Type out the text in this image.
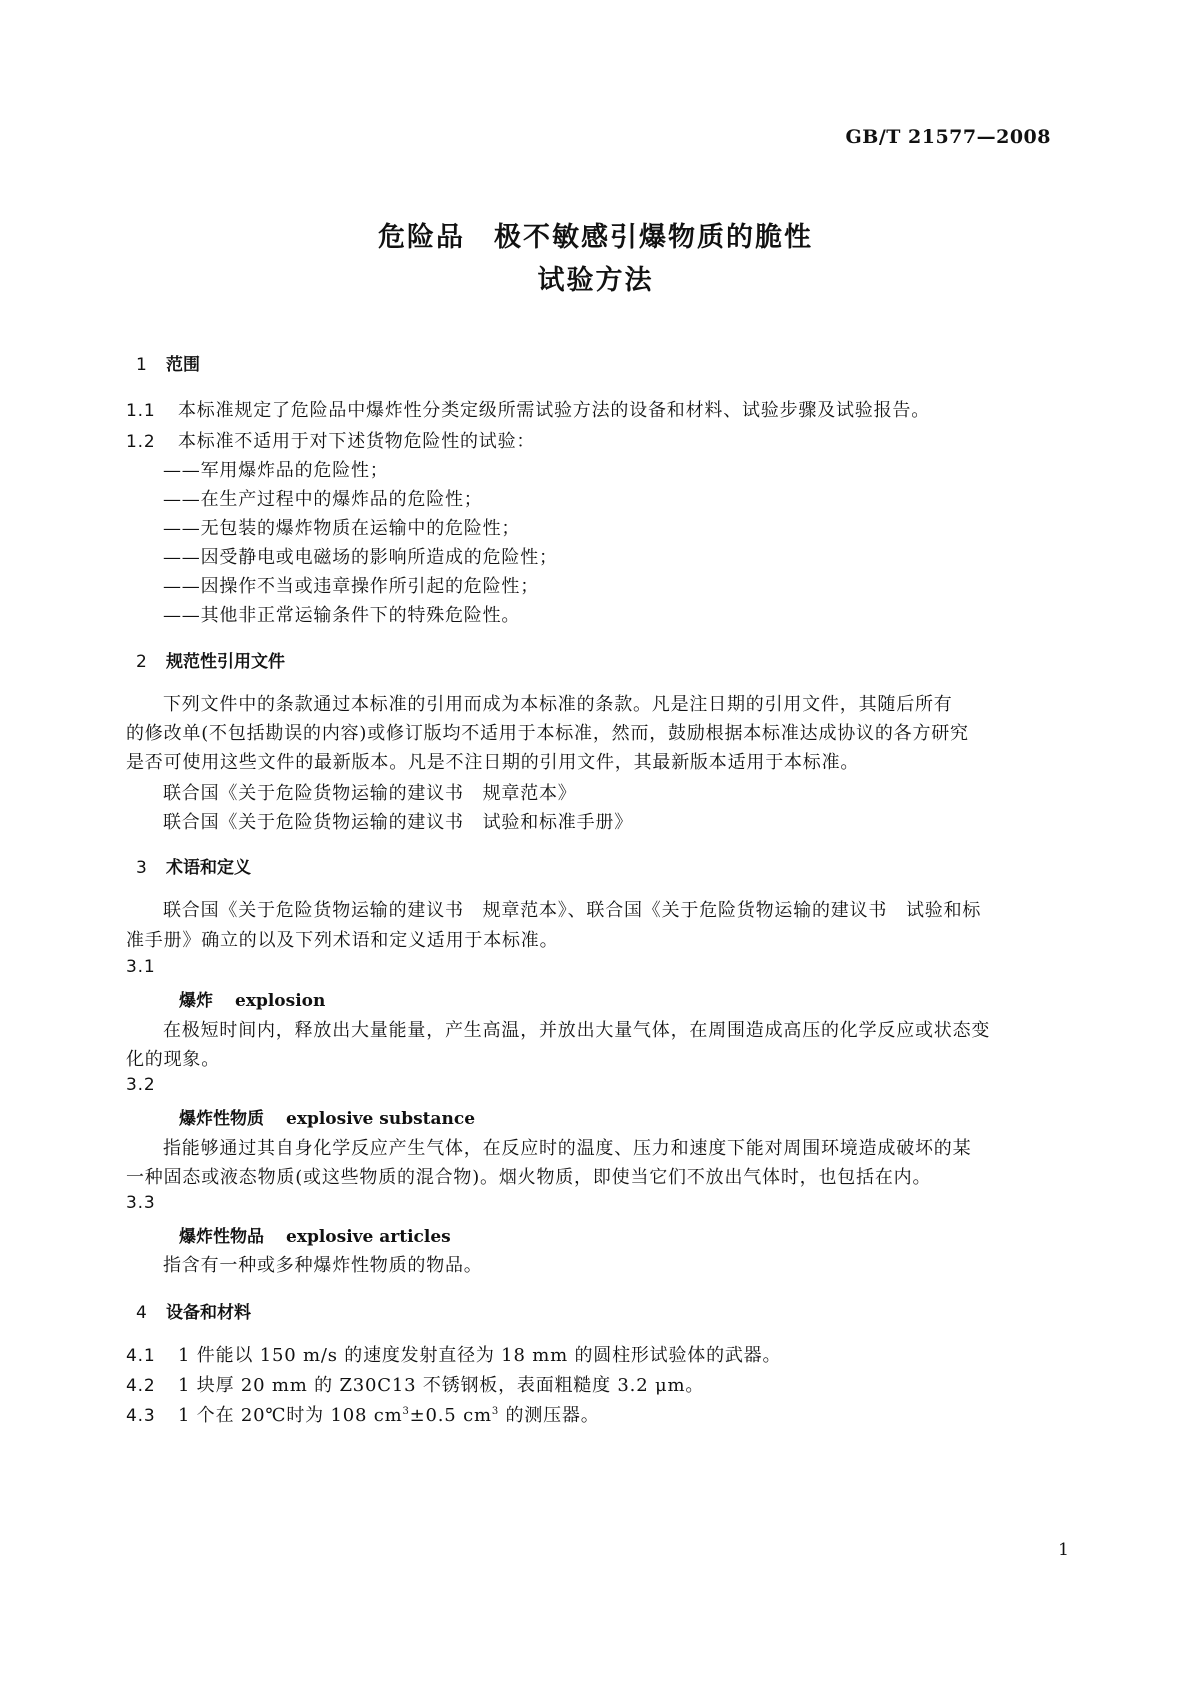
GB/T 21577—2008
危险品　极不敏感引爆物质的脆性
试验方法
1 范围
1.1 本标准规定了危险品中爆炸性分类定级所需试验方法的设备和材料、试验步骤及试验报告。
1.2 本标准不适用于对下述货物危险性的试验：
——军用爆炸品的危险性；
——在生产过程中的爆炸品的危险性；
——无包装的爆炸物质在运输中的危险性；
——因受静电或电磁场的影响所造成的危险性；
——因操作不当或违章操作所引起的危险性；
——其他非正常运输条件下的特殊危险性。
2 规范性引用文件
下列文件中的条款通过本标准的引用而成为本标准的条款。凡是注日期的引用文件，其随后所有
的修改单(不包括勘误的内容)或修订版均不适用于本标准，然而，鼓励根据本标准达成协议的各方研究
是否可使用这些文件的最新版本。凡是不注日期的引用文件，其最新版本适用于本标准。
联合国《关于危险货物运输的建议书　规章范本》
联合国《关于危险货物运输的建议书　试验和标准手册》
3 术语和定义
联合国《关于危险货物运输的建议书　规章范本》、联合国《关于危险货物运输的建议书　试验和标
准手册》确立的以及下列术语和定义适用于本标准。
3.1
爆炸 explosion
在极短时间内，释放出大量能量，产生高温，并放出大量气体，在周围造成高压的化学反应或状态变
化的现象。
3.2
爆炸性物质 explosive substance
指能够通过其自身化学反应产生气体，在反应时的温度、压力和速度下能对周围环境造成破坏的某
一种固态或液态物质(或这些物质的混合物)。烟火物质，即使当它们不放出气体时，也包括在内。
3.3
爆炸性物品 explosive articles
指含有一种或多种爆炸性物质的物品。
4 设备和材料
4.1 1 件能以 150 m/s 的速度发射直径为 18 mm 的圆柱形试验体的武器。
4.2 1 块厚 20 mm 的 Z30C13 不锈钢板，表面粗糙度 3.2 μm。
4.3 1 个在 20℃时为 108 $cm^3\pm 0.5$ $cm^3$ 的测压器。
1
